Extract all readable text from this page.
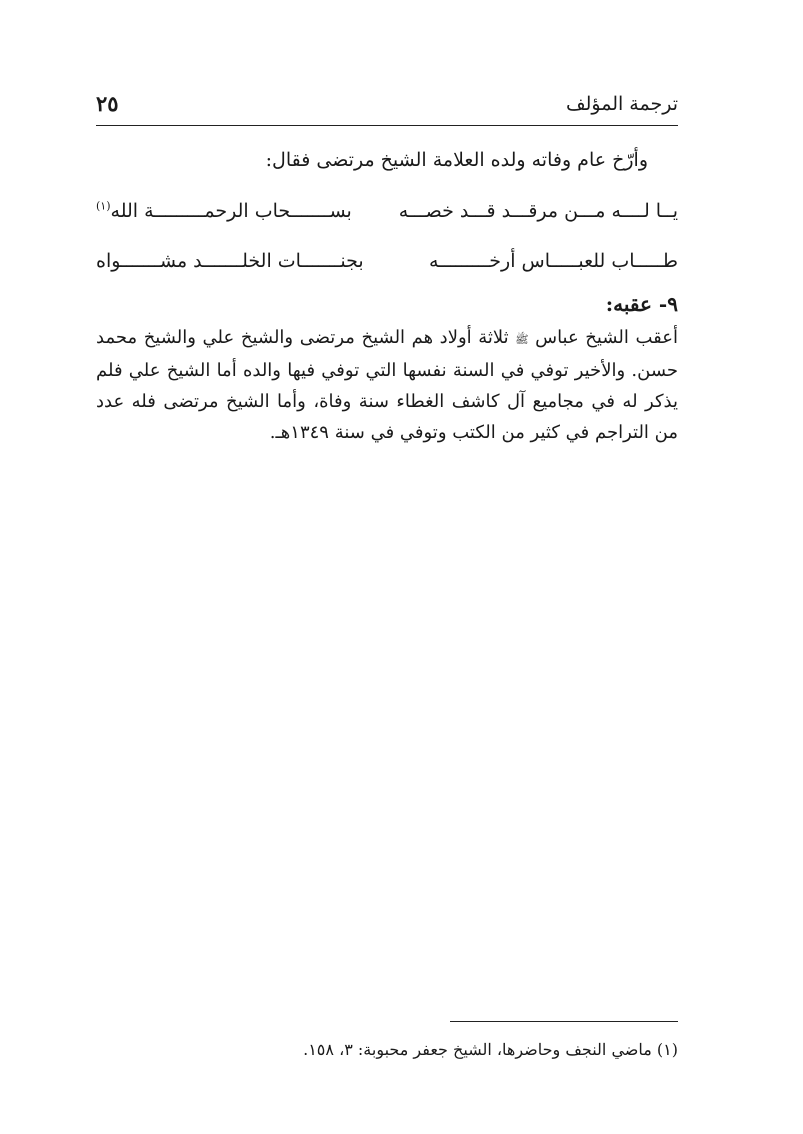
ترجمة المؤلف
٢٥
وأرّخ عام وفاته ولده العلامة الشيخ مرتضى فقال:
يــا لــــه مـــن مرقـــد قـــد خصـــه
بســـــــحاب الرحمـــــــــة الله$^{(١)}$
طـــــاب للعبـــــاس أرخـــــــــه
بجنـــــــات الخلـــــــد مشـــــــواه
٩- عقبه:
أعقب الشيخ عباس ﷺ ثلاثة أولاد هم الشيخ مرتضى والشيخ علي والشيخ محمد حسن. والأخير توفي في السنة نفسها التي توفي فيها والده أما الشيخ علي فلم يذكر له في مجاميع آل كاشف الغطاء سنة وفاة، وأما الشيخ مرتضى فله عدد من التراجم في كثير من الكتب وتوفي في سنة ١٣٤٩هـ.
(١) ماضي النجف وحاضرها، الشيخ جعفر محبوبة: ٣، ١٥٨.
